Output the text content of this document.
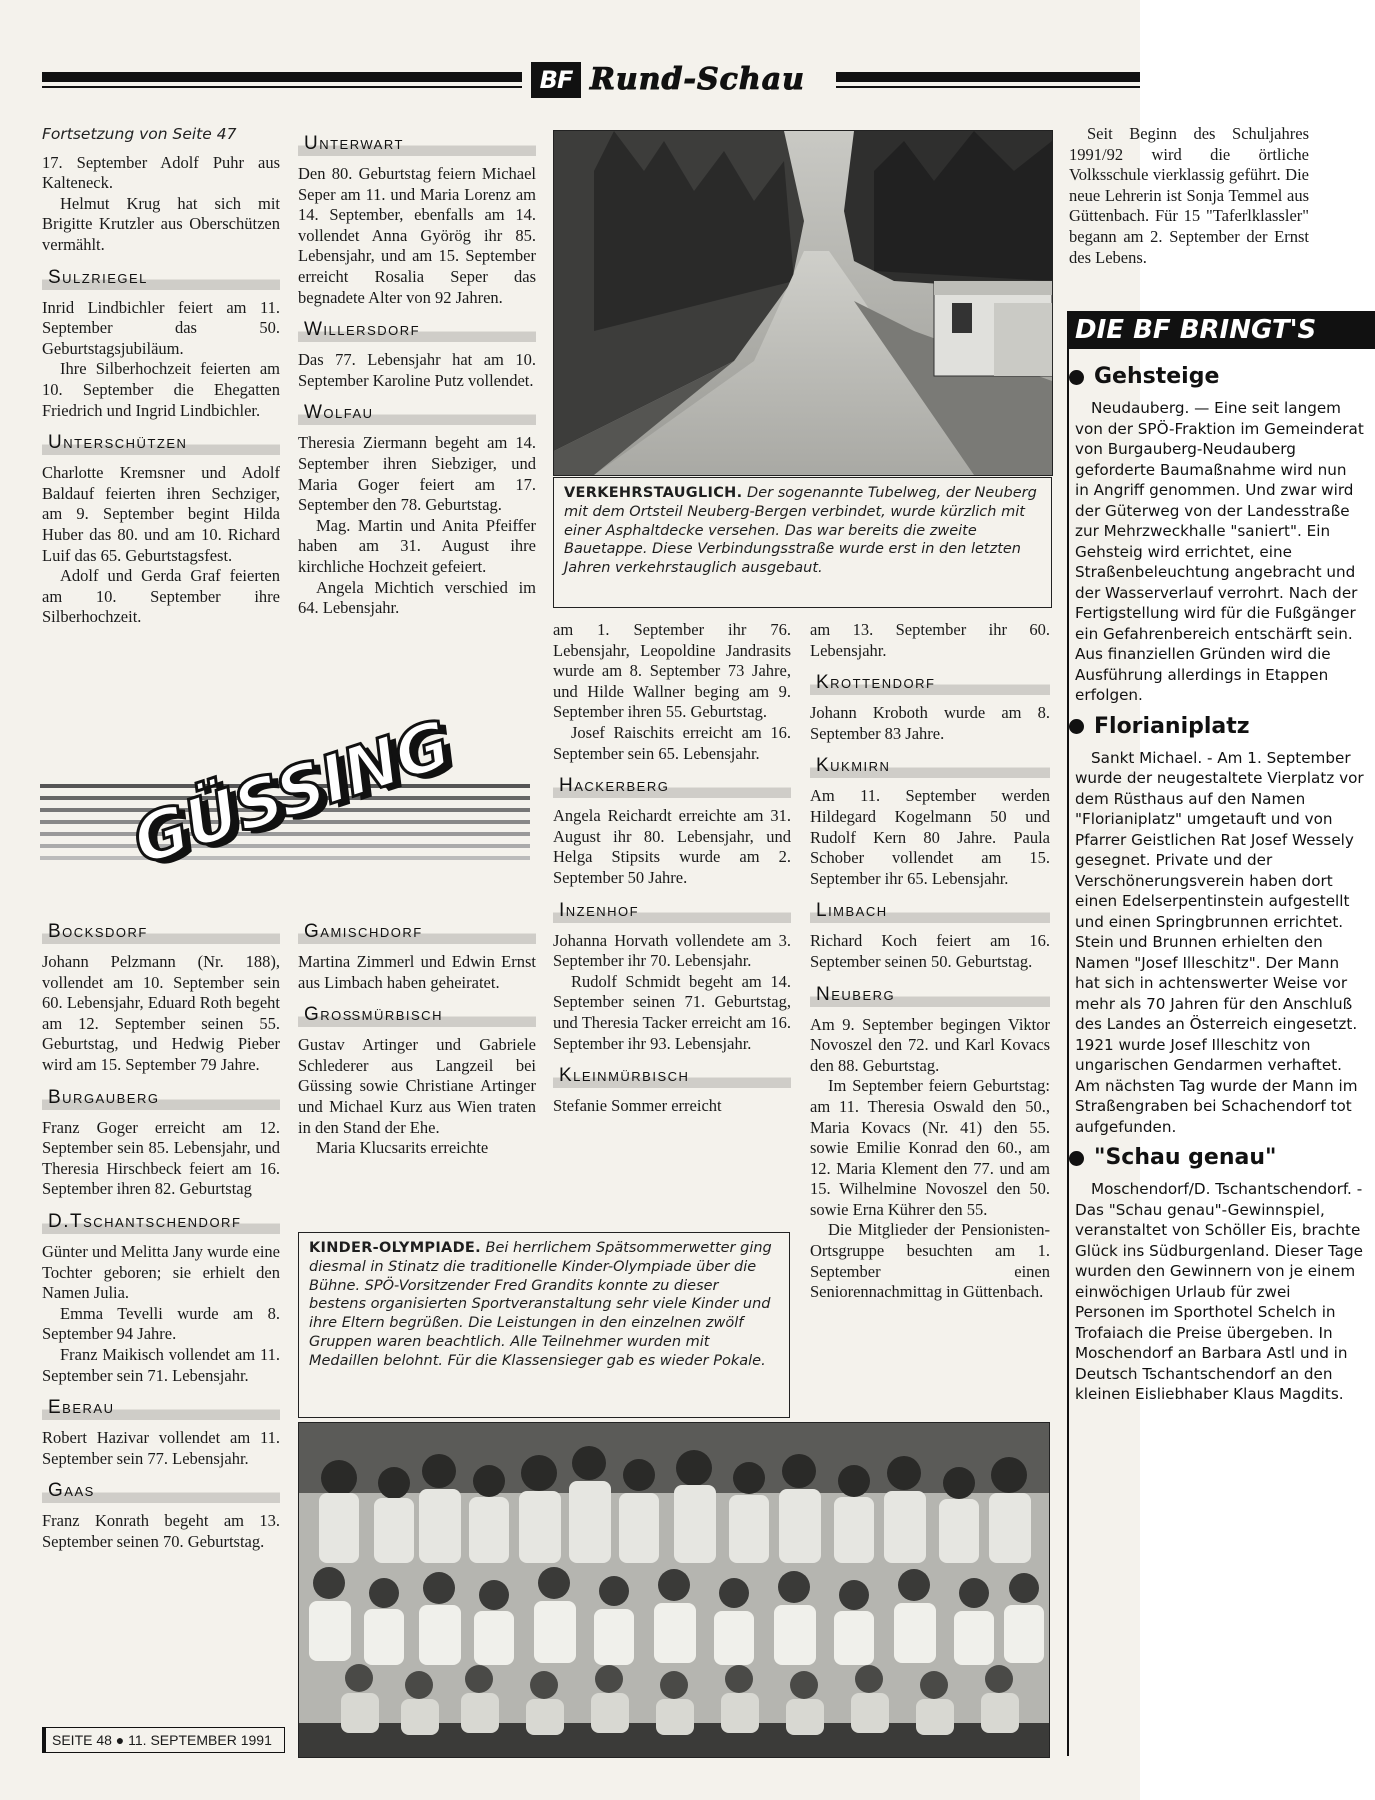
BF Rund-Schau
Fortsetzung von Seite 47

17. September Adolf Puhr aus Kalteneck.

Helmut Krug hat sich mit Brigitte Krutzler aus Oberschützen vermählt.

Sulzriegel

Inrid Lindbichler feiert am 11. September das 50. Geburtstagsjubiläum.

Ihre Silberhochzeit feierten am 10. September die Ehegatten Friedrich und Ingrid Lindbichler.

Unterschützen

Charlotte Kremsner und Adolf Baldauf feierten ihren Sechziger, am 9. September begint Hilda Huber das 80. und am 10. Richard Luif das 65. Geburtstagsfest.

Adolf und Gerda Graf feierten am 10. September ihre Silberhochzeit.

Unterwart

Den 80. Geburtstag feiern Michael Seper am 11. und Maria Lorenz am 14. September, ebenfalls am 14. vollendet Anna Györög ihr 85. Lebensjahr, und am 15. September erreicht Rosalia Seper das begnadete Alter von 92 Jahren.

Willersdorf

Das 77. Lebensjahr hat am 10. September Karoline Putz vollendet.

Wolfau

Theresia Ziermann begeht am 14. September ihren Siebziger, und Maria Goger feiert am 17. September den 78. Geburtstag.

Mag. Martin und Anita Pfeiffer haben am 31. August ihre kirchliche Hochzeit gefeiert.

Angela Michtich verschied im 64. Lebensjahr.

VERKEHRSTAUGLICH. Der sogenannte Tubelweg, der Neuberg mit dem Ortsteil Neuberg-Bergen verbindet, wurde kürzlich mit einer Asphaltdecke versehen. Das war bereits die zweite Bauetappe. Diese Verbindungsstraße wurde erst in den letzten Jahren verkehrstauglich ausgebaut.

Seit Beginn des Schuljahres 1991/92 wird die örtliche Volksschule vierklassig geführt. Die neue Lehrerin ist Sonja Temmel aus Güttenbach. Für 15 "Taferlklassler" begann am 2. September der Ernst des Lebens.

GÜSSING
Bocksdorf

Johann Pelzmann (Nr. 188), vollendet am 10. September sein 60. Lebensjahr, Eduard Roth begeht am 12. September seinen 55. Geburtstag, und Hedwig Pieber wird am 15. September 79 Jahre.

Burgauberg

Franz Goger erreicht am 12. September sein 85. Lebensjahr, und Theresia Hirschbeck feiert am 16. September ihren 82. Geburtstag

D.Tschantschendorf

Günter und Melitta Jany wurde eine Tochter geboren; sie erhielt den Namen Julia.

Emma Tevelli wurde am 8. September 94 Jahre.

Franz Maikisch vollendet am 11. September sein 71. Lebensjahr.

Eberau

Robert Hazivar vollendet am 11. September sein 77. Lebensjahr.

Gaas

Franz Konrath begeht am 13. September seinen 70. Geburtstag.

Gamischdorf

Martina Zimmerl und Edwin Ernst aus Limbach haben geheiratet.

Großmürbisch

Gustav Artinger und Gabriele Schlederer aus Langzeil bei Güssing sowie Christiane Artinger und Michael Kurz aus Wien traten in den Stand der Ehe.

Maria Klucsarits erreichte

am 1. September ihr 76. Lebensjahr, Leopoldine Jandrasits wurde am 8. September 73 Jahre, und Hilde Wallner beging am 9. September ihren 55. Geburtstag.

Josef Raischits erreicht am 16. September sein 65. Lebensjahr.

Hackerberg

Angela Reichardt erreichte am 31. August ihr 80. Lebensjahr, und Helga Stipsits wurde am 2. September 50 Jahre.

Inzenhof

Johanna Horvath vollendete am 3. September ihr 70. Lebensjahr.

Rudolf Schmidt begeht am 14. September seinen 71. Geburtstag, und Theresia Tacker erreicht am 16. September ihr 93. Lebensjahr.

Kleinmürbisch

Stefanie Sommer erreicht

am 13. September ihr 60. Lebensjahr.

Krottendorf

Johann Kroboth wurde am 8. September 83 Jahre.

Kukmirn

Am 11. September werden Hildegard Kogelmann 50 und Rudolf Kern 80 Jahre. Paula Schober vollendet am 15. September ihr 65. Lebensjahr.

Limbach

Richard Koch feiert am 16. September seinen 50. Geburtstag.

Neuberg

Am 9. September begingen Viktor Novoszel den 72. und Karl Kovacs den 88. Geburtstag.

Im September feiern Geburtstag: am 11. Theresia Oswald den 50., Maria Kovacs (Nr. 41) den 55. sowie Emilie Konrad den 60., am 12. Maria Klement den 77. und am 15. Wilhelmine Novoszel den 50. sowie Erna Kührer den 55.

Die Mitglieder der Pensionisten-Ortsgruppe besuchten am 1. September einen Seniorennachmittag in Güttenbach.

KINDER-OLYMPIADE. Bei herrlichem Spätsommerwetter ging diesmal in Stinatz die traditionelle Kinder-Olympiade über die Bühne. SPÖ-Vorsitzender Fred Grandits konnte zu dieser bestens organisierten Sportveranstaltung sehr viele Kinder und ihre Eltern begrüßen. Die Leistungen in den einzelnen zwölf Gruppen waren beachtlich. Alle Teilnehmer wurden mit Medaillen belohnt. Für die Klassensieger gab es wieder Pokale.
DIE BF BRINGT'S
Gehsteige

Neudauberg. — Eine seit langem von der SPÖ-Fraktion im Gemeinderat von Burgauberg-Neudauberg geforderte Baumaßnahme wird nun in Angriff genommen. Und zwar wird der Güterweg von der Landesstraße zur Mehrzweckhalle "saniert". Ein Gehsteig wird errichtet, eine Straßenbeleuchtung angebracht und der Wasserverlauf verrohrt. Nach der Fertigstellung wird für die Fußgänger ein Gefahrenbereich entschärft sein. Aus finanziellen Gründen wird die Ausführung allerdings in Etappen erfolgen.

Florianiplatz

Sankt Michael. - Am 1. September wurde der neugestaltete Vierplatz vor dem Rüsthaus auf den Namen "Florianiplatz" umgetauft und von Pfarrer Geistlichen Rat Josef Wessely gesegnet. Private und der Verschönerungsverein haben dort einen Edelserpentinstein aufgestellt und einen Springbrunnen errichtet. Stein und Brunnen erhielten den Namen "Josef Illeschitz". Der Mann hat sich in achtenswerter Weise vor mehr als 70 Jahren für den Anschluß des Landes an Österreich eingesetzt. 1921 wurde Josef Illeschitz von ungarischen Gendarmen verhaftet. Am nächsten Tag wurde der Mann im Straßengraben bei Schachendorf tot aufgefunden.

"Schau genau"

Moschendorf/D. Tschantschendorf. - Das "Schau genau"-Gewinnspiel, veranstaltet von Schöller Eis, brachte Glück ins Südburgenland. Dieser Tage wurden den Gewinnern von je einem einwöchigen Urlaub für zwei Personen im Sporthotel Schelch in Trofaiach die Preise übergeben. In Moschendorf an Barbara Astl und in Deutsch Tschantschendorf an den kleinen Eisliebhaber Klaus Magdits.

SEITE 48 ● 11. SEPTEMBER 1991
